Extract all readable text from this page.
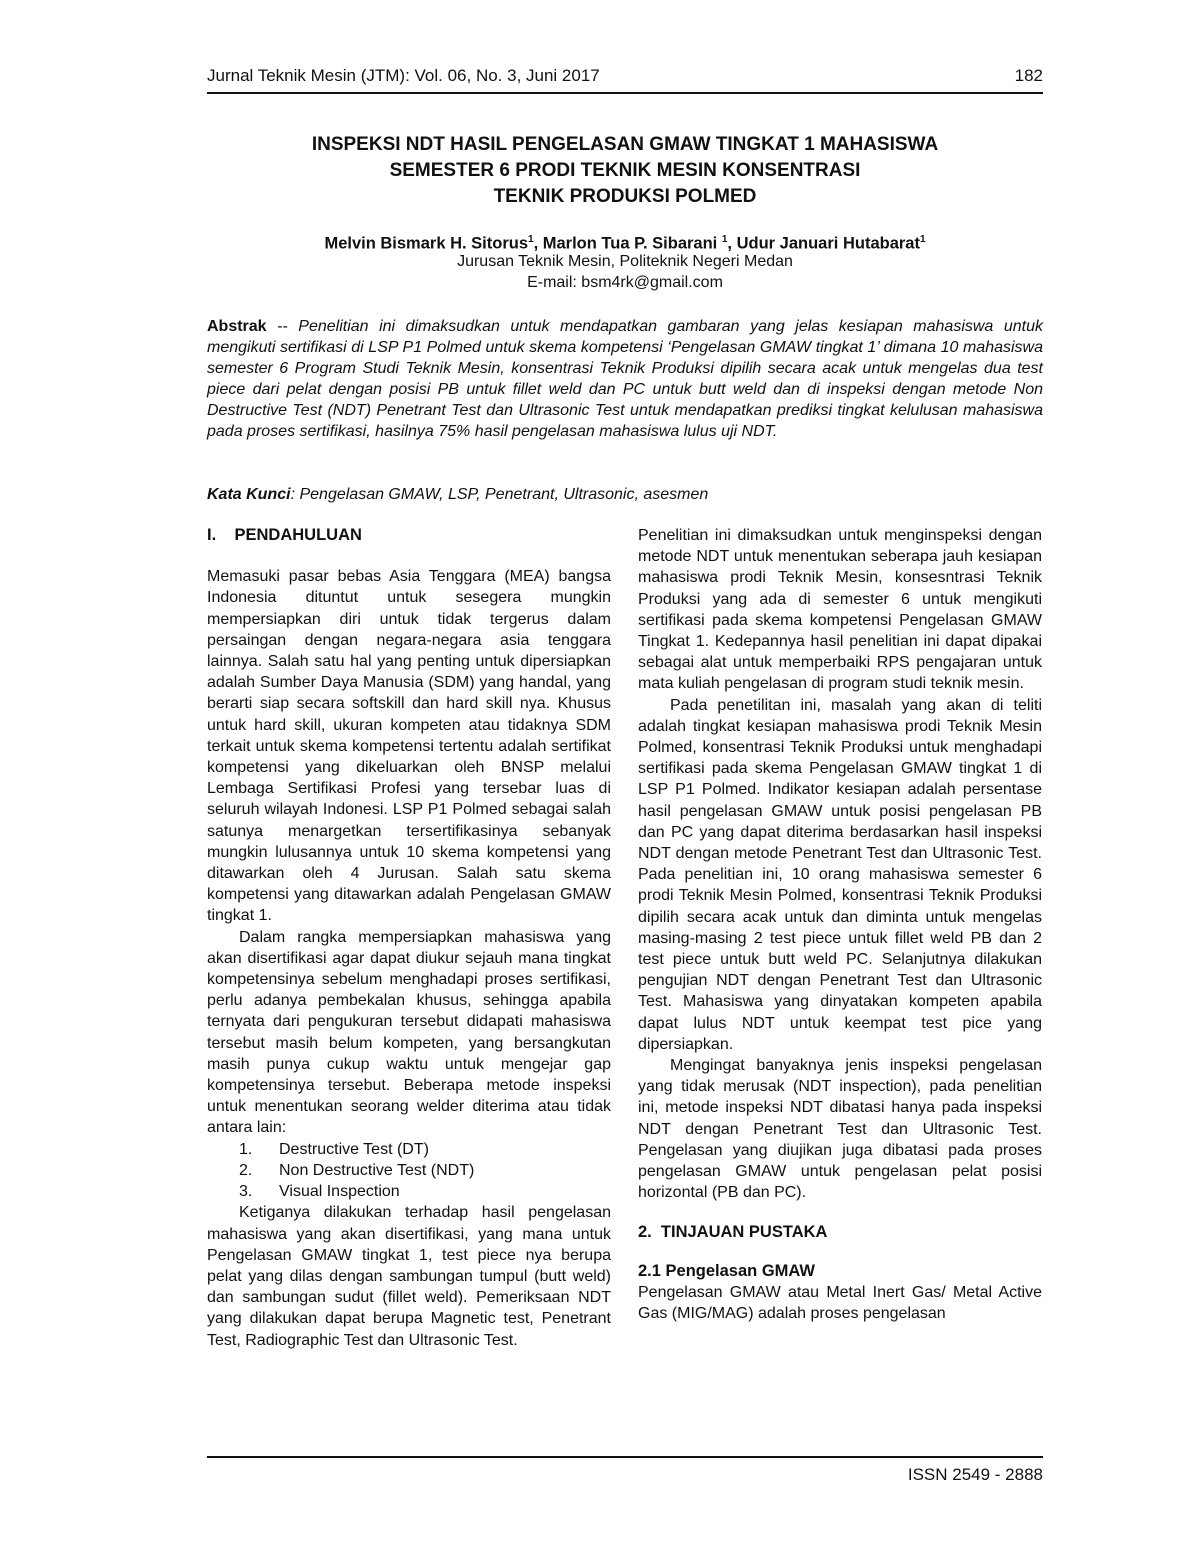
Jurnal Teknik Mesin (JTM): Vol. 06, No. 3, Juni 2017	182
INSPEKSI NDT HASIL PENGELASAN GMAW TINGKAT 1 MAHASISWA
SEMESTER 6 PRODI TEKNIK MESIN KONSENTRASI
TEKNIK PRODUKSI POLMED
Melvin Bismark H. Sitorus$^1$, Marlon Tua P. Sibarani $^1$, Udur Januari Hutabarat$^1$
Jurusan Teknik Mesin, Politeknik Negeri Medan
E-mail: bsm4rk@gmail.com
Abstrak -- Penelitian ini dimaksudkan untuk mendapatkan gambaran yang jelas kesiapan mahasiswa untuk mengikuti sertifikasi di LSP P1 Polmed untuk skema kompetensi ‘Pengelasan GMAW tingkat 1’ dimana 10 mahasiswa semester 6 Program Studi Teknik Mesin, konsentrasi Teknik Produksi dipilih secara acak untuk mengelas dua test piece dari pelat dengan posisi PB untuk fillet weld dan PC untuk butt weld dan di inspeksi dengan metode Non Destructive Test (NDT) Penetrant Test dan Ultrasonic Test untuk mendapatkan prediksi tingkat kelulusan mahasiswa pada proses sertifikasi, hasilnya 75% hasil pengelasan mahasiswa lulus uji NDT.
Kata Kunci: Pengelasan GMAW, LSP, Penetrant, Ultrasonic, asesmen

I.    PENDAHULUAN

Memasuki pasar bebas Asia Tenggara (MEA) bangsa Indonesia dituntut untuk sesegera mungkin mempersiapkan diri untuk tidak tergerus dalam persaingan dengan negara-negara asia tenggara lainnya. Salah satu hal yang penting untuk dipersiapkan adalah Sumber Daya Manusia (SDM) yang handal, yang berarti siap secara softskill dan hard skill nya. Khusus untuk hard skill, ukuran kompeten atau tidaknya SDM terkait untuk skema kompetensi tertentu adalah sertifikat kompetensi yang dikeluarkan oleh BNSP melalui Lembaga Sertifikasi Profesi yang tersebar luas di seluruh wilayah Indonesi. LSP P1 Polmed sebagai salah satunya menargetkan tersertifikasinya sebanyak mungkin lulusannya untuk 10 skema kompetensi yang ditawarkan oleh 4 Jurusan. Salah satu skema kompetensi yang ditawarkan adalah Pengelasan GMAW tingkat 1.

Dalam rangka mempersiapkan mahasiswa yang akan disertifikasi agar dapat diukur sejauh mana tingkat kompetensinya sebelum menghadapi proses sertifikasi, perlu adanya pembekalan khusus, sehingga apabila ternyata dari pengukuran tersebut didapati mahasiswa tersebut masih belum kompeten, yang bersangkutan masih punya cukup waktu untuk mengejar gap kompetensinya tersebut. Beberapa metode inspeksi untuk menentukan seorang welder diterima atau tidak antara lain:

1.	Destructive Test (DT)
2.	Non Destructive Test (NDT)
3.	Visual Inspection

Ketiganya dilakukan terhadap hasil pengelasan mahasiswa yang akan disertifikasi, yang mana untuk Pengelasan GMAW tingkat 1, test piece nya berupa pelat yang dilas dengan sambungan tumpul (butt weld) dan sambungan sudut (fillet weld). Pemeriksaan NDT yang dilakukan dapat berupa Magnetic test, Penetrant Test, Radiographic Test dan Ultrasonic Test.

Penelitian ini dimaksudkan untuk menginspeksi dengan metode NDT untuk menentukan seberapa jauh kesiapan mahasiswa prodi Teknik Mesin, konsesntrasi Teknik Produksi yang ada di semester 6 untuk mengikuti sertifikasi pada skema kompetensi Pengelasan GMAW Tingkat 1. Kedepannya hasil penelitian ini dapat dipakai sebagai alat untuk memperbaiki RPS pengajaran untuk mata kuliah pengelasan di program studi teknik mesin.

Pada penetilitan ini, masalah yang akan di teliti adalah tingkat kesiapan mahasiswa prodi Teknik Mesin Polmed, konsentrasi Teknik Produksi untuk menghadapi sertifikasi pada skema Pengelasan GMAW tingkat 1 di LSP P1 Polmed. Indikator kesiapan adalah persentase hasil pengelasan GMAW untuk posisi pengelasan PB dan PC yang dapat diterima berdasarkan hasil inspeksi NDT dengan metode Penetrant Test dan Ultrasonic Test. Pada penelitian ini, 10 orang mahasiswa semester 6 prodi Teknik Mesin Polmed, konsentrasi Teknik Produksi dipilih secara acak untuk dan diminta untuk mengelas masing-masing 2 test piece untuk fillet weld PB dan 2 test piece untuk butt weld PC. Selanjutnya dilakukan pengujian NDT dengan Penetrant Test dan Ultrasonic Test. Mahasiswa yang dinyatakan kompeten apabila dapat lulus NDT untuk keempat test pice yang dipersiapkan.

Mengingat banyaknya jenis inspeksi pengelasan yang tidak merusak (NDT inspection), pada penelitian ini, metode inspeksi NDT dibatasi hanya pada inspeksi NDT dengan Penetrant Test dan Ultrasonic Test. Pengelasan yang diujikan juga dibatasi pada proses pengelasan GMAW untuk pengelasan pelat posisi horizontal (PB dan PC).

2.  TINJAUAN PUSTAKA

2.1 Pengelasan GMAW

Pengelasan GMAW atau Metal Inert Gas/ Metal Active Gas (MIG/MAG) adalah proses pengelasan

ISSN 2549 - 2888
